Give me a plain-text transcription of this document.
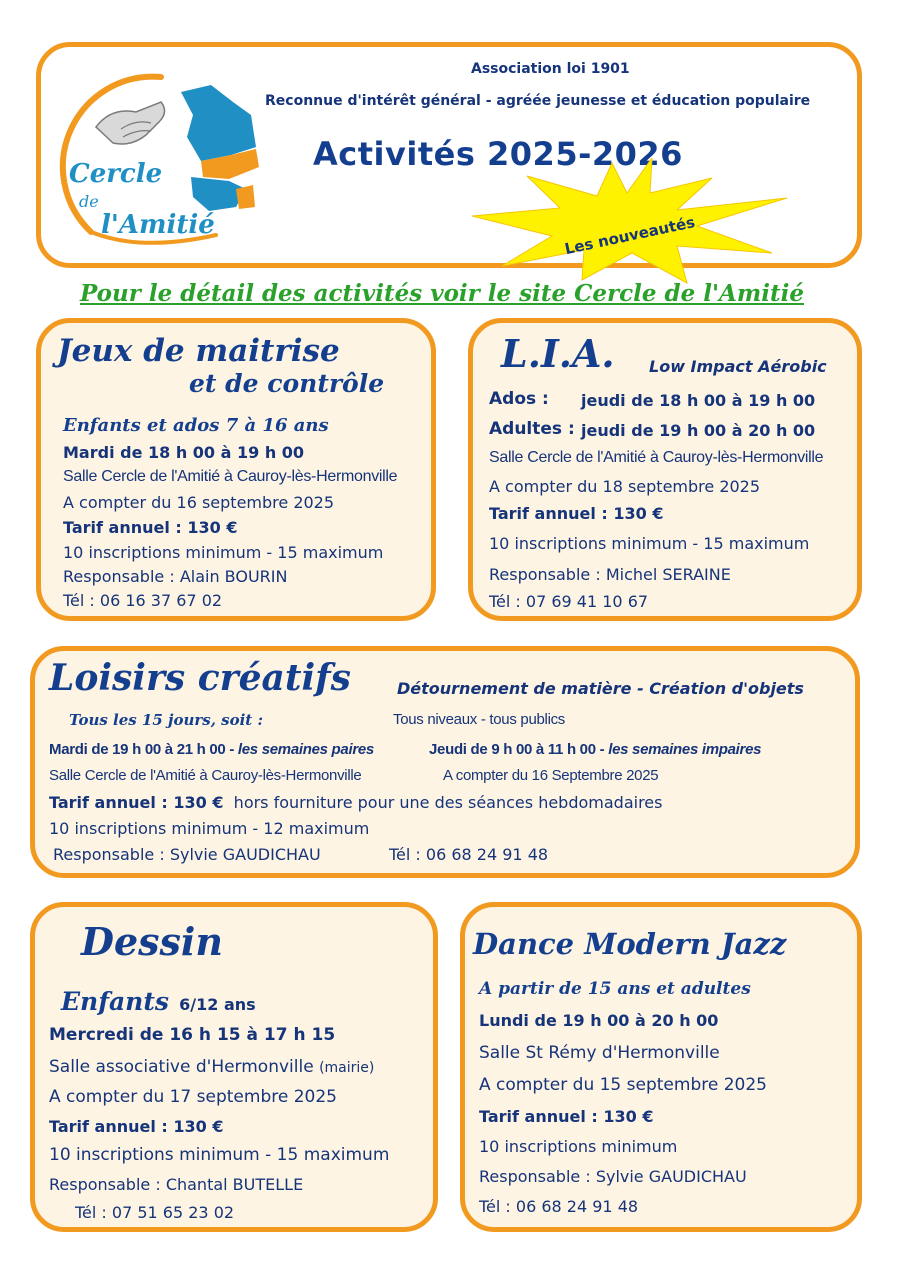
Cercle
de
l'Amitié
Association loi 1901
Reconnue d'intérêt général - agréée jeunesse et éducation populaire
Activités 2025-2026
Les nouveautés
Pour le détail des activités voir le site Cercle de l'Amitié
Jeux de maitrise
et de contrôle
Enfants et ados 7 à 16 ans
Mardi de 18 h 00 à 19 h 00
Salle Cercle de l'Amitié à Cauroy-lès-Hermonville
A compter du 16 septembre 2025
Tarif annuel : 130 €
10 inscriptions minimum - 15 maximum
Responsable : Alain BOURIN
Tél : 06 16 37 67 02
L.I.A. Low Impact Aérobic
Ados : jeudi de 18 h 00 à 19 h 00
Adultes : jeudi de 19 h 00 à 20 h 00
Salle Cercle de l'Amitié à Cauroy-lès-Hermonville
A compter du 18 septembre 2025
Tarif annuel : 130 €
10 inscriptions minimum - 15 maximum
Responsable : Michel SERAINE
Tél : 07 69 41 10 67
Loisirs créatifs	Détournement de matière - Création d'objets
Tous les 15 jours, soit :	Tous niveaux - tous publics
Mardi de 19 h 00 à 21 h 00 - les semaines paires	Jeudi de 9 h 00 à 11 h 00 - les semaines impaires
Salle Cercle de l'Amitié à Cauroy-lès-Hermonville	A compter du 16 Septembre 2025
Tarif annuel : 130 € hors fourniture pour une des séances hebdomadaires
10 inscriptions minimum - 12 maximum
Responsable : Sylvie GAUDICHAU	Tél : 06 68 24 91 48
Dessin
Enfants 6/12 ans
Mercredi de 16 h 15 à 17 h 15
Salle associative d'Hermonville (mairie)
A compter du 17 septembre 2025
Tarif annuel : 130 €
10 inscriptions minimum - 15 maximum
Responsable : Chantal BUTELLE
Tél : 07 51 65 23 02
Dance Modern Jazz
A partir de 15 ans et adultes
Lundi de 19 h 00 à 20 h 00
Salle St Rémy d'Hermonville
A compter du 15 septembre 2025
Tarif annuel : 130 €
10 inscriptions minimum
Responsable : Sylvie GAUDICHAU
Tél : 06 68 24 91 48
